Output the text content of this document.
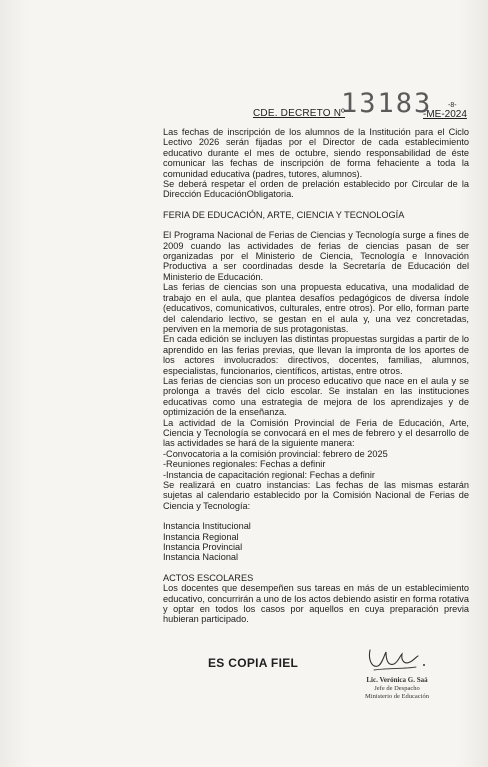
CDE. DECRETO Nº
13183 -8-
-ME-2024

Las fechas de inscripción de los alumnos de la Institución para el Ciclo Lectivo 2026 serán fijadas por el Director de cada establecimiento educativo durante el mes de octubre, siendo responsabilidad de éste comunicar las fechas de inscripción de forma fehaciente a toda la comunidad educativa (padres, tutores, alumnos).

Se deberá respetar el orden de prelación establecido por Circular de la Dirección EducaciónObligatoria.

FERIA DE EDUCACIÓN, ARTE, CIENCIA Y TECNOLOGÍA

El Programa Nacional de Ferias de Ciencias y Tecnología surge a fines de 2009 cuando las actividades de ferias de ciencias pasan de ser organizadas por el Ministerio de Ciencia, Tecnología e Innovación Productiva a ser coordinadas desde la Secretaría de Educación del Ministerio de Educación.

Las ferias de ciencias son una propuesta educativa, una modalidad de trabajo en el aula, que plantea desafíos pedagógicos de diversa índole (educativos, comunicativos, culturales, entre otros). Por ello, forman parte del calendario lectivo, se gestan en el aula y, una vez concretadas, perviven en la memoria de sus protagonistas.

En cada edición se incluyen las distintas propuestas surgidas a partir de lo aprendido en las ferias previas, que llevan la impronta de los aportes de los actores involucrados: directivos, docentes, familias, alumnos, especialistas, funcionarios, científicos, artistas, entre otros.

Las ferias de ciencias son un proceso educativo que nace en el aula y se prolonga a través del ciclo escolar. Se instalan en las instituciones educativas como una estrategia de mejora de los aprendizajes y de optimización de la enseñanza.

La actividad de la Comisión Provincial de Feria de Educación, Arte, Ciencia y Tecnología se convocará en el mes de febrero y el desarrollo de las actividades se hará de la siguiente manera:

-Convocatoria a la comisión provincial: febrero de 2025

-Reuniones regionales: Fechas a definir

-Instancia de capacitación regional: Fechas a definir

Se realizará en cuatro instancias: Las fechas de las mismas estarán sujetas al calendario establecido por la Comisión Nacional de Ferias de Ciencia y Tecnología:

Instancia Institucional

Instancia Regional

Instancia Provincial

Instancia Nacional

ACTOS ESCOLARES

Los docentes que desempeñen sus tareas en más de un establecimiento educativo, concurrirán a uno de los actos debiendo asistir en forma rotativa y optar en todos los casos por aquellos en cuya preparación previa hubieran participado.

ES COPIA FIEL
Lic. Verónica G. Saá
Jefe de Despacho
Ministerio de Educación
